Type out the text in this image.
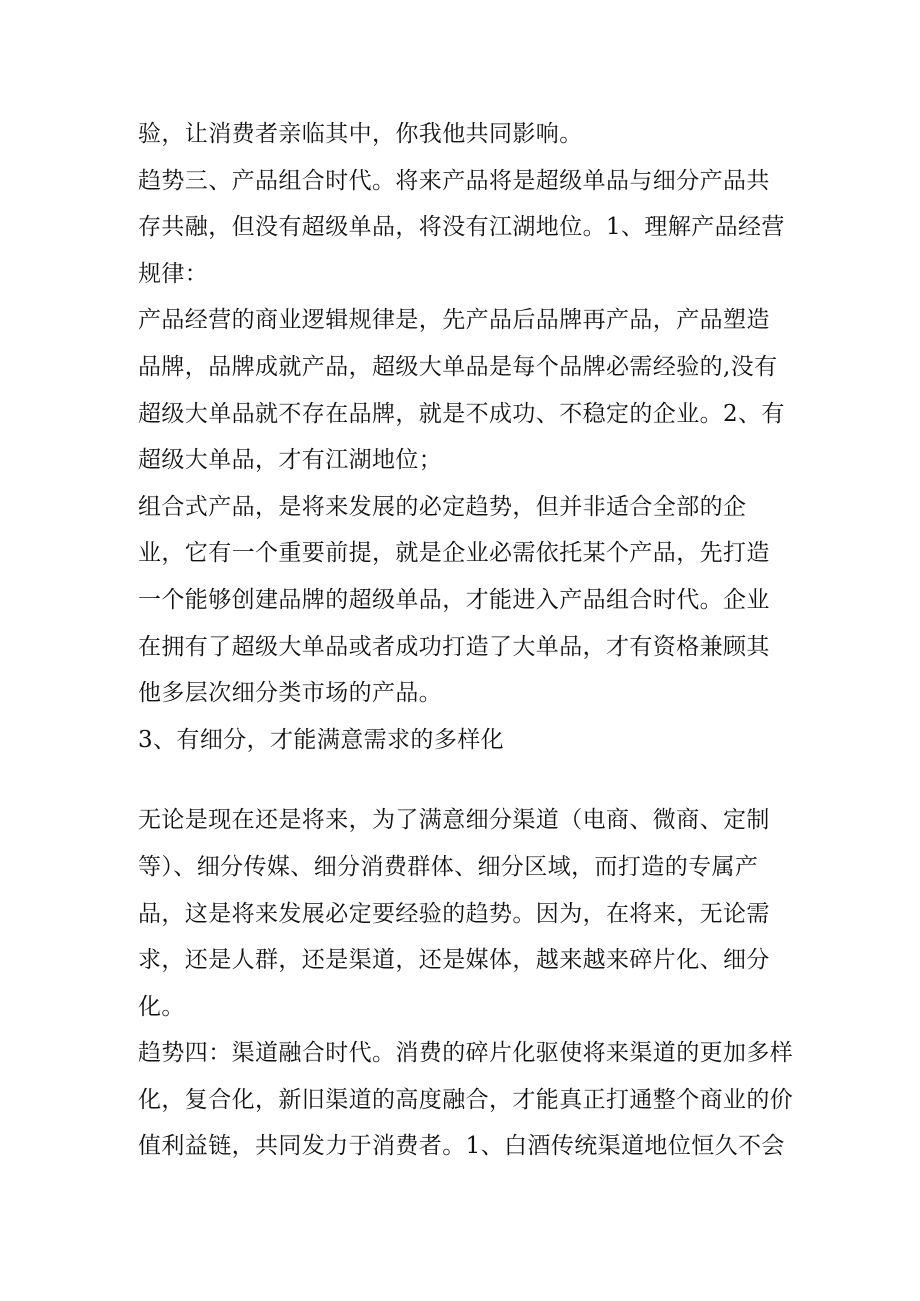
验，让消费者亲临其中，你我他共同影响。
趋势三、产品组合时代。将来产品将是超级单品与细分产品共
存共融，但没有超级单品，将没有江湖地位。1、理解产品经营
规律：
产品经营的商业逻辑规律是，先产品后品牌再产品，产品塑造
品牌，品牌成就产品，超级大单品是每个品牌必需经验的,没有
超级大单品就不存在品牌，就是不成功、不稳定的企业。2、有
超级大单品，才有江湖地位；
组合式产品，是将来发展的必定趋势，但并非适合全部的企
业，它有一个重要前提，就是企业必需依托某个产品，先打造
一个能够创建品牌的超级单品，才能进入产品组合时代。企业
在拥有了超级大单品或者成功打造了大单品，才有资格兼顾其
他多层次细分类市场的产品。
3、有细分，才能满意需求的多样化
无论是现在还是将来，为了满意细分渠道（电商、微商、定制
等）、细分传媒、细分消费群体、细分区域，而打造的专属产
品，这是将来发展必定要经验的趋势。因为，在将来，无论需
求，还是人群，还是渠道，还是媒体，越来越来碎片化、细分
化。
趋势四：渠道融合时代。消费的碎片化驱使将来渠道的更加多样
化，复合化，新旧渠道的高度融合，才能真正打通整个商业的价
值利益链，共同发力于消费者。1、白酒传统渠道地位恒久不会
